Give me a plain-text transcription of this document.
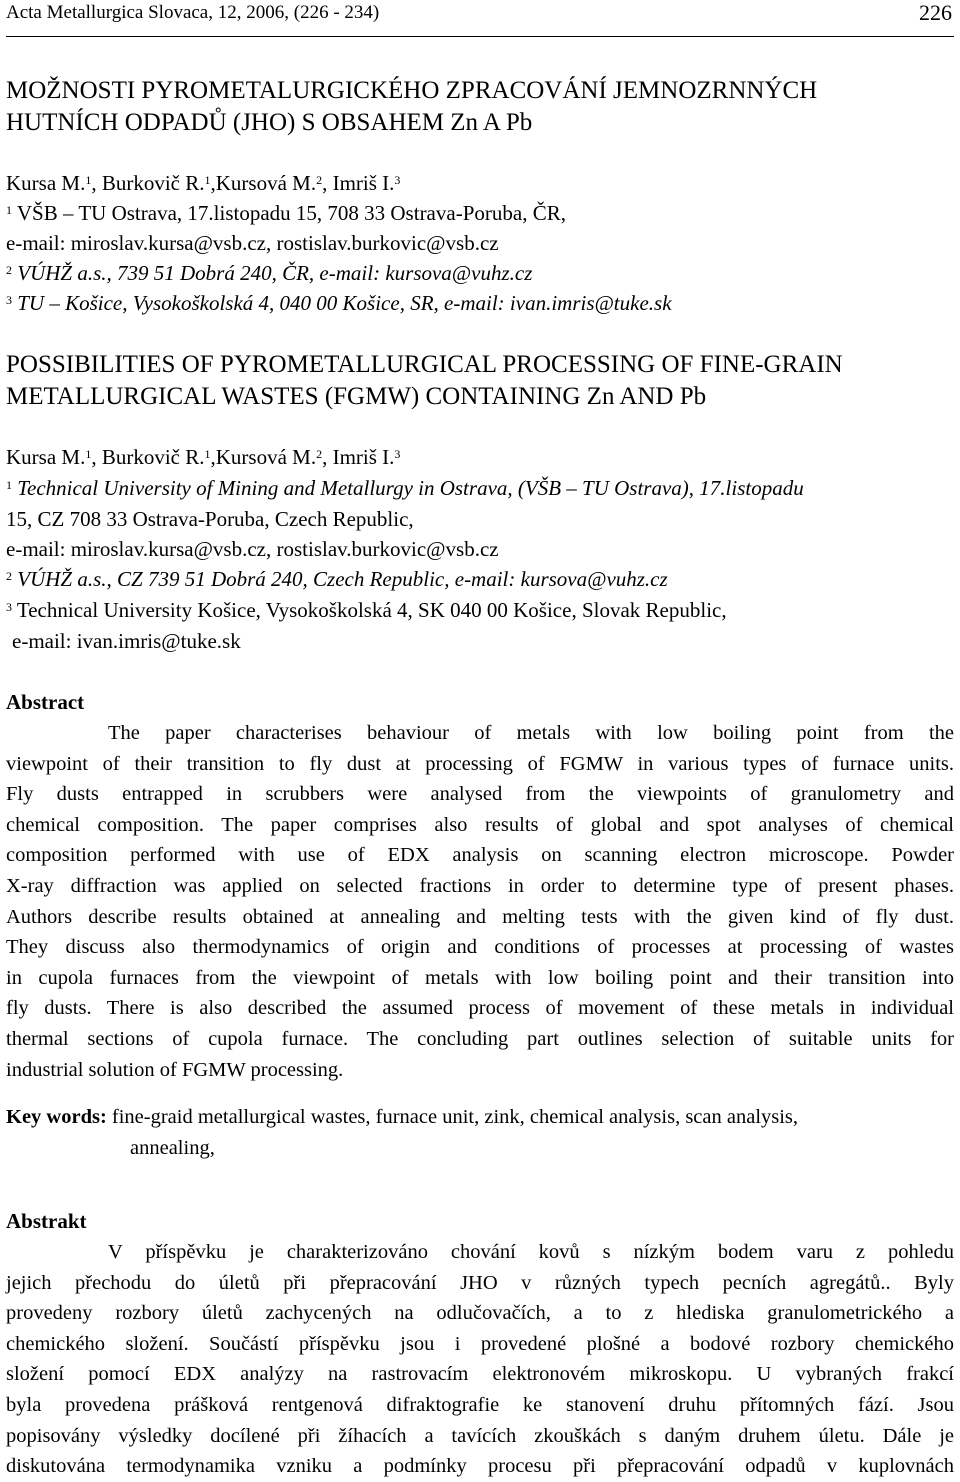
Acta Metallurgica Slovaca, 12, 2006, (226 - 234)	226
MOŽNOSTI PYROMETALURGICKÉHO ZPRACOVÁNÍ JEMNOZRNNÝCH
HUTNÍCH ODPADŮ (JHO) S OBSAHEM Zn A Pb
Kursa M.$^1$, Burkovič R.$^1$,Kursová M.$^2$, Imriš I.$^3$
$^1$ VŠB – TU Ostrava, 17.listopadu 15, 708 33 Ostrava-Poruba, ČR,
e-mail: miroslav.kursa@vsb.cz, rostislav.burkovic@vsb.cz
$^2$ VÚHŽ a.s., 739 51 Dobrá 240, ČR, e-mail: kursova@vuhz.cz
$^3$ TU – Košice, Vysokoškolská 4, 040 00 Košice, SR, e-mail: ivan.imris@tuke.sk
POSSIBILITIES OF PYROMETALLURGICAL PROCESSING OF FINE-GRAIN
METALLURGICAL WASTES (FGMW) CONTAINING Zn AND Pb
Kursa M.$^1$, Burkovič R.$^1$,Kursová M.$^2$, Imriš I.$^3$
$^1$ Technical University of Mining and Metallurgy in Ostrava, (VŠB – TU Ostrava), 17.listopadu
15, CZ 708 33 Ostrava-Poruba, Czech Republic,
e-mail: miroslav.kursa@vsb.cz, rostislav.burkovic@vsb.cz
$^2$ VÚHŽ a.s., CZ 739 51 Dobrá 240, Czech Republic, e-mail: kursova@vuhz.cz
$^3$ Technical University Košice, Vysokoškolská 4, SK 040 00 Košice, Slovak Republic,
e-mail: ivan.imris@tuke.sk
Abstract
The paper characterises behaviour of metals with low boiling point from the
viewpoint of their transition to fly dust at processing of FGMW in various types of furnace units.
Fly dusts entrapped in scrubbers were analysed from the viewpoints of granulometry and
chemical composition. The paper comprises also results of global and spot analyses of chemical
composition performed with use of EDX analysis on scanning electron microscope. Powder
X-ray diffraction was applied on selected fractions in order to determine type of present phases.
Authors describe results obtained at annealing and melting tests with the given kind of fly dust.
They discuss also thermodynamics of origin and conditions of processes at processing of wastes
in cupola furnaces from the viewpoint of metals with low boiling point and their transition into
fly dusts. There is also described the assumed process of movement of these metals in individual
thermal sections of cupola furnace. The concluding part outlines selection of suitable units for
industrial solution of FGMW processing.
Key words: fine-graid metallurgical wastes, furnace unit, zink, chemical analysis, scan analysis,
annealing,
Abstrakt
V příspěvku je charakterizováno chování kovů s nízkým bodem varu z pohledu
jejich přechodu do úletů při přepracování JHO v různých typech pecních agregátů.. Byly
provedeny rozbory úletů zachycených na odlučovačích, a to z hlediska granulometrického a
chemického složení. Součástí příspěvku jsou i provedené plošné a bodové rozbory chemického
složení pomocí EDX analýzy na rastrovacím elektronovém mikroskopu. U vybraných frakcí
byla provedena prášková rentgenová difraktografie ke stanovení druhu přítomných fází. Jsou
popisovány výsledky docílené při žíhacích a tavících zkouškách s daným druhem úletu. Dále je
diskutována termodynamika vzniku a podmínky procesu při přepracování odpadů v kuplovnách
